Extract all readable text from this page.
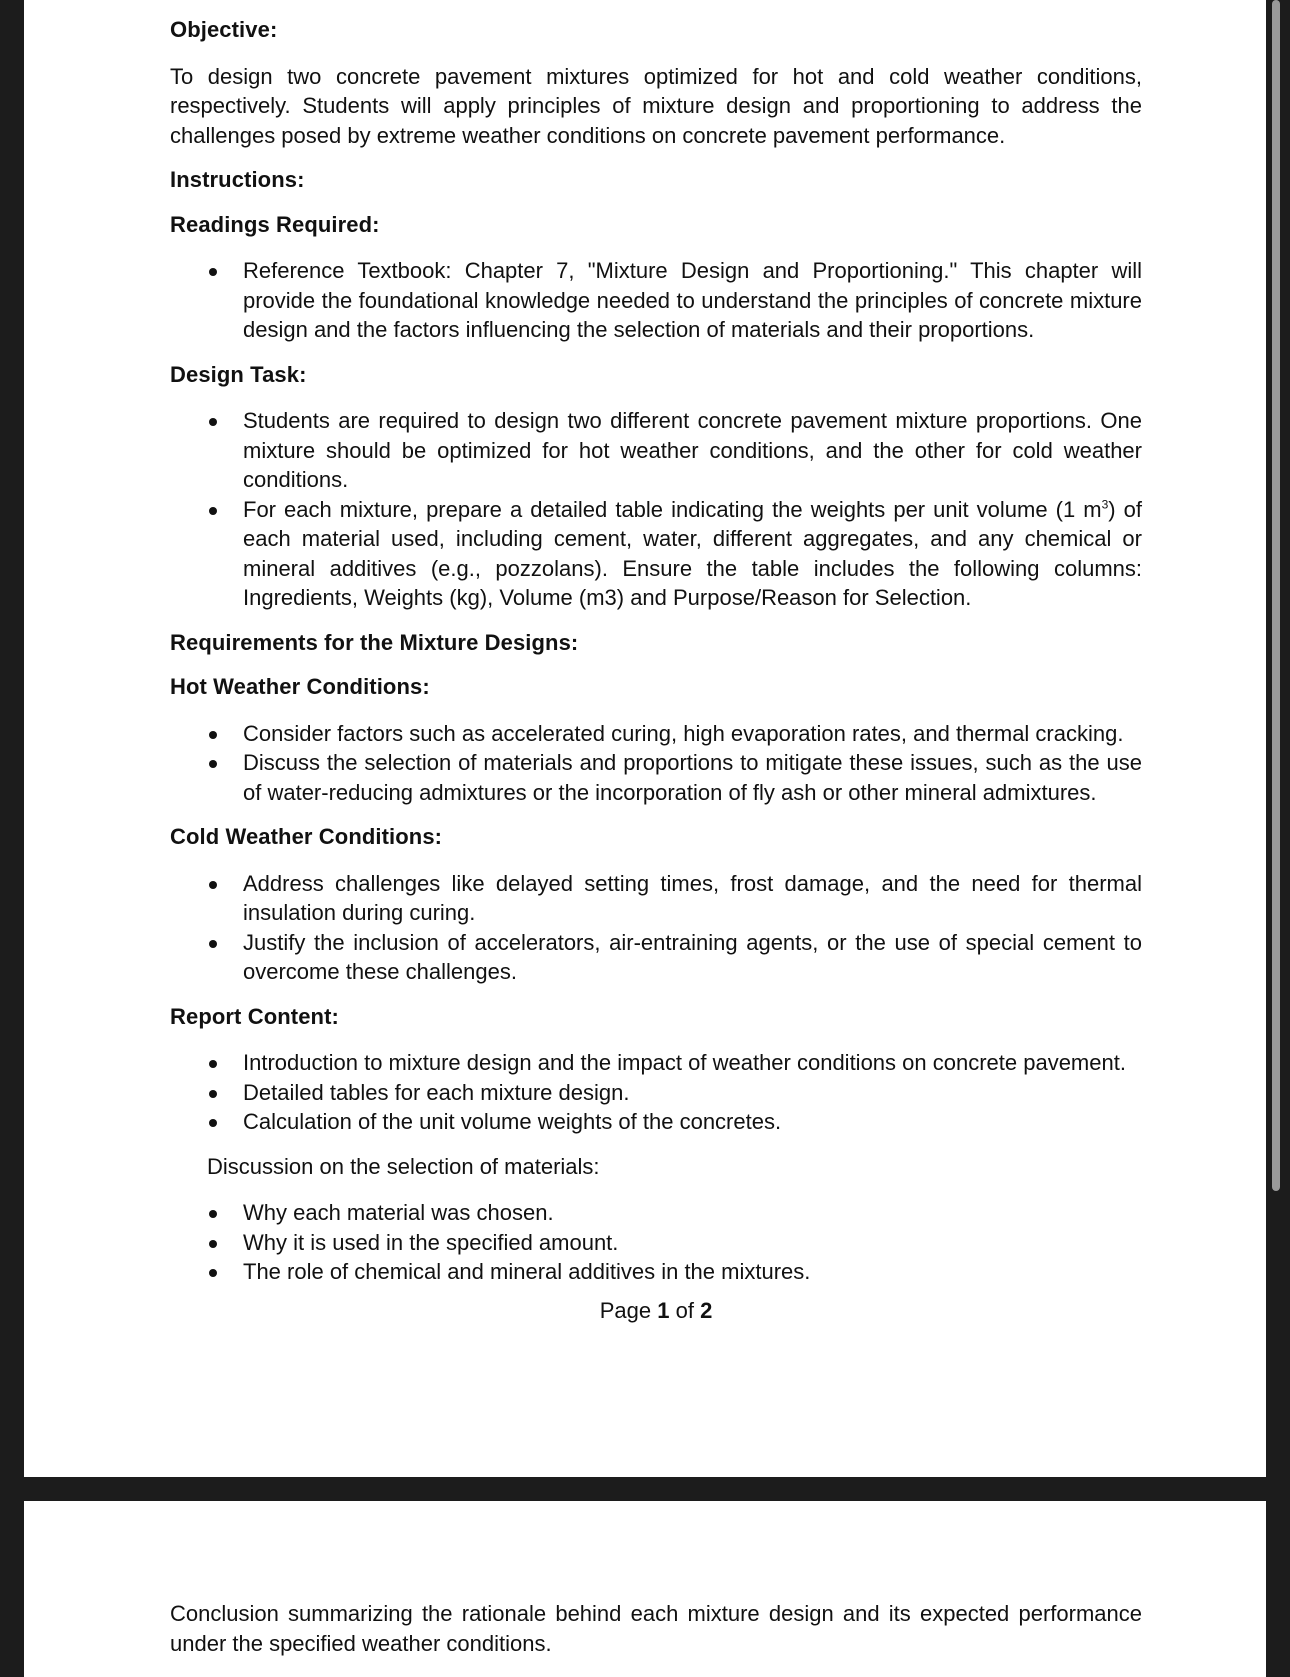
Objective:

To design two concrete pavement mixtures optimized for hot and cold weather conditions, respectively. Students will apply principles of mixture design and proportioning to address the challenges posed by extreme weather conditions on concrete pavement performance.

Instructions:

Readings Required:

Reference Textbook: Chapter 7, "Mixture Design and Proportioning." This chapter will provide the foundational knowledge needed to understand the principles of concrete mixture design and the factors influencing the selection of materials and their proportions.

Design Task:

Students are required to design two different concrete pavement mixture proportions. One mixture should be optimized for hot weather conditions, and the other for cold weather conditions.
For each mixture, prepare a detailed table indicating the weights per unit volume (1 $m^3$) of each material used, including cement, water, different aggregates, and any chemical or mineral additives (e.g., pozzolans). Ensure the table includes the following columns: Ingredients, Weights (kg), Volume (m3) and Purpose/Reason for Selection.

Requirements for the Mixture Designs:

Hot Weather Conditions:

Consider factors such as accelerated curing, high evaporation rates, and thermal cracking.
Discuss the selection of materials and proportions to mitigate these issues, such as the use of water-reducing admixtures or the incorporation of fly ash or other mineral admixtures.

Cold Weather Conditions:

Address challenges like delayed setting times, frost damage, and the need for thermal insulation during curing.
Justify the inclusion of accelerators, air-entraining agents, or the use of special cement to overcome these challenges.

Report Content:

Introduction to mixture design and the impact of weather conditions on concrete pavement.
Detailed tables for each mixture design.
Calculation of the unit volume weights of the concretes.

Discussion on the selection of materials:

Why each material was chosen.
Why it is used in the specified amount.
The role of chemical and mineral additives in the mixtures.

Page 1 of 2

Conclusion summarizing the rationale behind each mixture design and its expected performance under the specified weather conditions.
